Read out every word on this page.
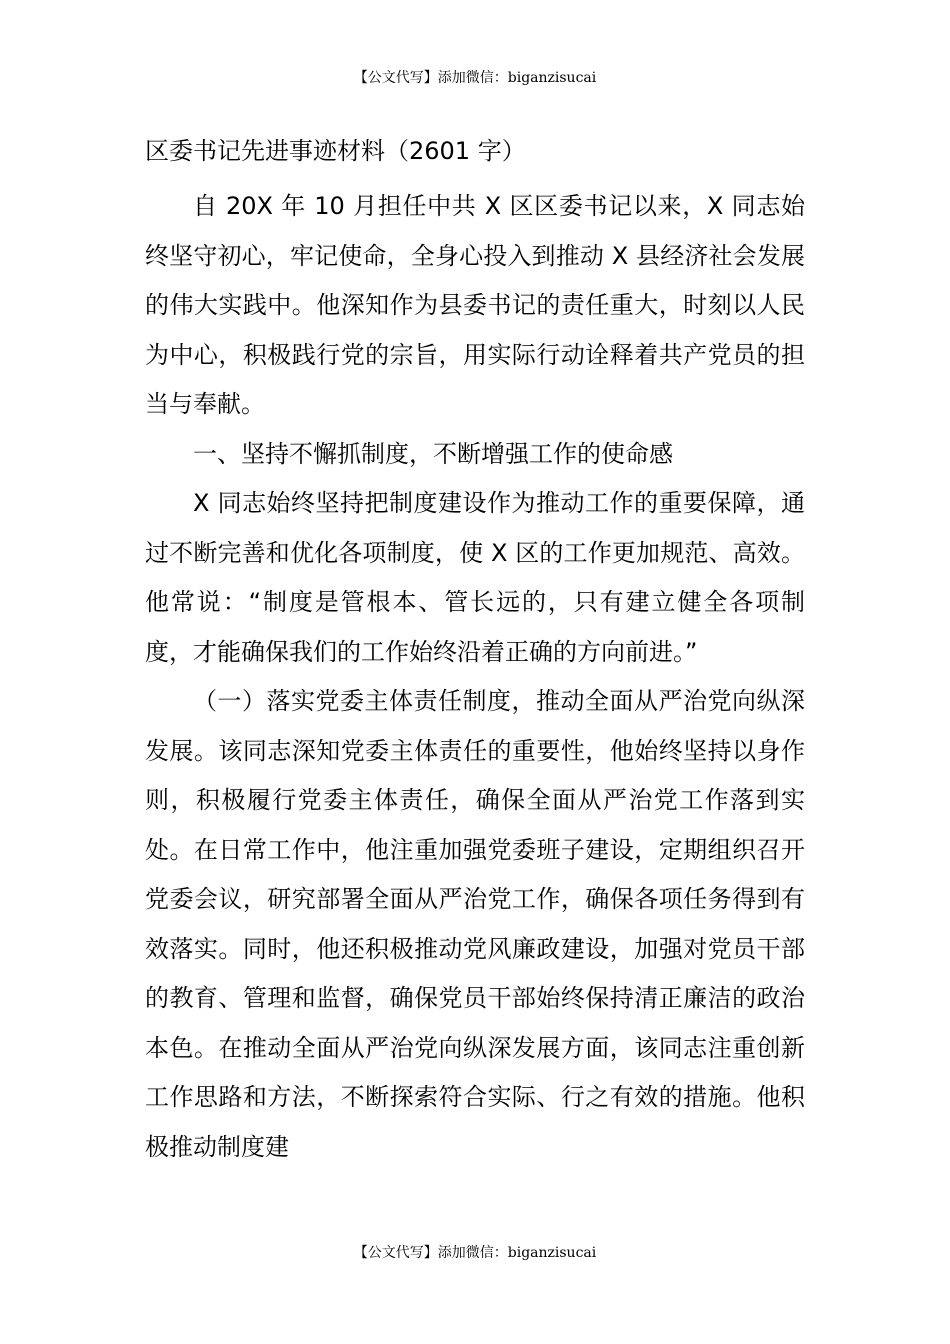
【公文代写】添加微信：biganzisucai
区委书记先进事迹材料（2601 字）

自 20X 年 10 月担任中共 X 区区委书记以来，X 同志始终坚守初心，牢记使命，全身心投入到推动 X 县经济社会发展的伟大实践中。他深知作为县委书记的责任重大，时刻以人民为中心，积极践行党的宗旨，用实际行动诠释着共产党员的担当与奉献。

一、坚持不懈抓制度，不断增强工作的使命感

X 同志始终坚持把制度建设作为推动工作的重要保障，通过不断完善和优化各项制度，使 X 区的工作更加规范、高效。他常说：“制度是管根本、管长远的，只有建立健全各项制度，才能确保我们的工作始终沿着正确的方向前进。”

（一）落实党委主体责任制度，推动全面从严治党向纵深发展。该同志深知党委主体责任的重要性，他始终坚持以身作则，积极履行党委主体责任，确保全面从严治党工作落到实处。在日常工作中，他注重加强党委班子建设，定期组织召开党委会议，研究部署全面从严治党工作，确保各项任务得到有效落实。同时，他还积极推动党风廉政建设，加强对党员干部的教育、管理和监督，确保党员干部始终保持清正廉洁的政治本色。在推动全面从严治党向纵深发展方面，该同志注重创新工作思路和方法，不断探索符合实际、行之有效的措施。他积极推动制度建

【公文代写】添加微信：biganzisucai
